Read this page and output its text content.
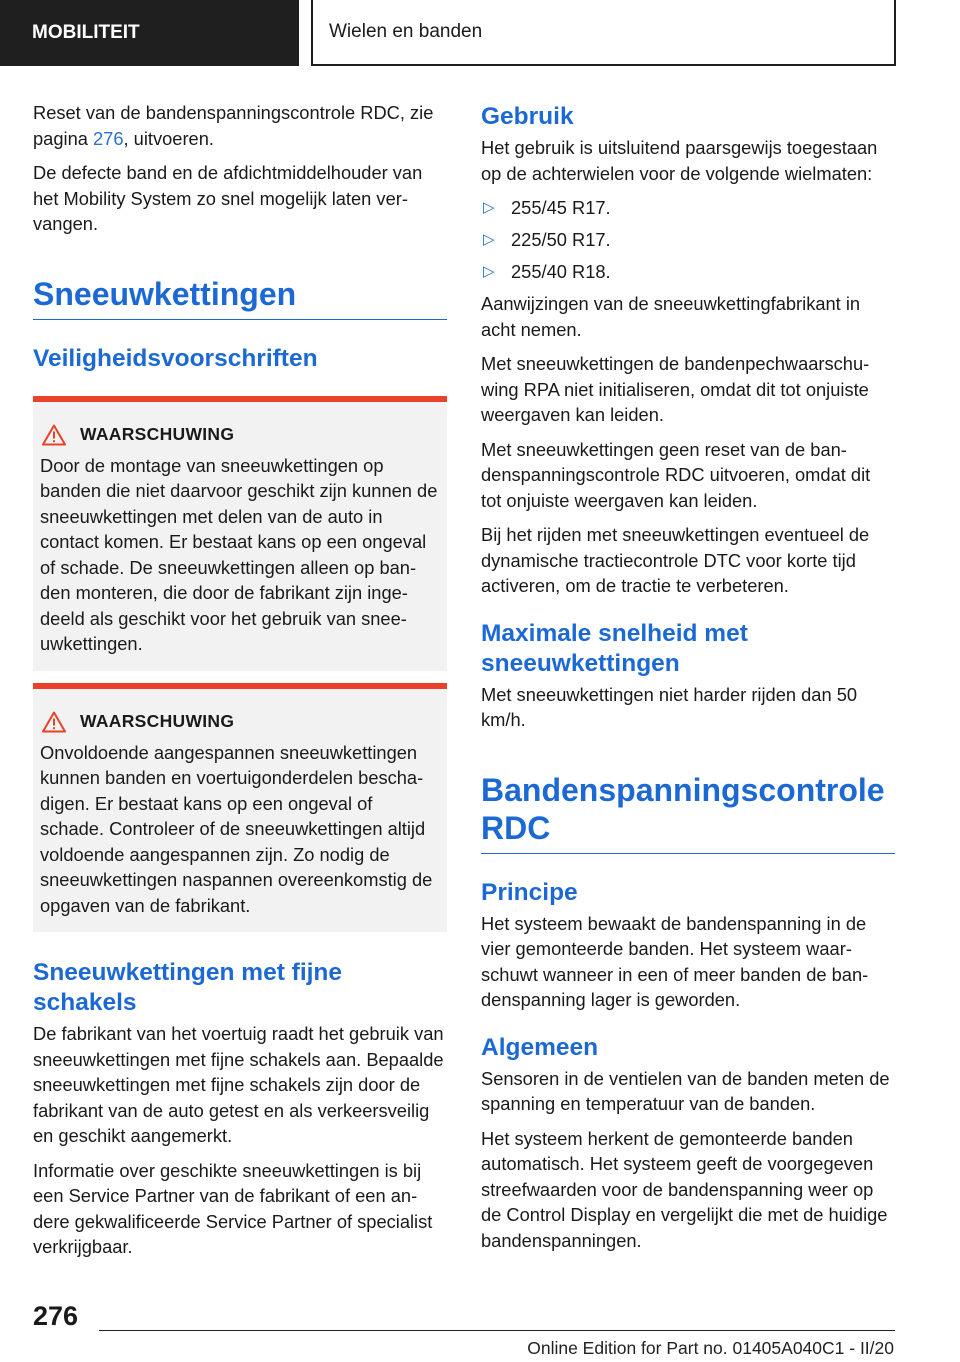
MOBILITEIT	Wielen en banden

Reset van de bandenspanningscontrole RDC, zie pagina 276, uitvoeren.

De defecte band en de afdichtmiddelhouder van het Mobility System zo snel mogelijk laten vervangen.

Sneeuwkettingen
Veiligheidsvoorschriften
WAARSCHUWING

Door de montage van sneeuwkettingen op banden die niet daarvoor geschikt zijn kunnen de sneeuwkettingen met delen van de auto in contact komen. Er bestaat kans op een ongeval of schade. De sneeuwkettingen alleen op banden monteren, die door de fabrikant zijn ingedeeld als geschikt voor het gebruik van sneeuwkettingen.

WAARSCHUWING

Onvoldoende aangespannen sneeuwkettingen kunnen banden en voertuigonderdelen beschadigen. Er bestaat kans op een ongeval of schade. Controleer of de sneeuwkettingen altijd voldoende aangespannen zijn. Zo nodig de sneeuwkettingen naspannen overeenkomstig de opgaven van de fabrikant.

Sneeuwkettingen met fijne schakels

De fabrikant van het voertuig raadt het gebruik van sneeuwkettingen met fijne schakels aan. Bepaalde sneeuwkettingen met fijne schakels zijn door de fabrikant van de auto getest en als verkeersveilig en geschikt aangemerkt.

Informatie over geschikte sneeuwkettingen is bij een Service Partner van de fabrikant of een andere gekwalificeerde Service Partner of specialist verkrijgbaar.

Gebruik

Het gebruik is uitsluitend paarsgewijs toegestaan op de achterwielen voor de volgende wielmaten:

▷ 255/45 R17.
▷ 225/50 R17.
▷ 255/40 R18.

Aanwijzingen van de sneeuwkettingfabrikant in acht nemen.

Met sneeuwkettingen de bandenpechwaarschuwing RPA niet initialiseren, omdat dit tot onjuiste weergaven kan leiden.

Met sneeuwkettingen geen reset van de bandenspanningscontrole RDC uitvoeren, omdat dit tot onjuiste weergaven kan leiden.

Bij het rijden met sneeuwkettingen eventueel de dynamische tractiecontrole DTC voor korte tijd activeren, om de tractie te verbeteren.

Maximale snelheid met sneeuwkettingen

Met sneeuwkettingen niet harder rijden dan 50 km/h.

Bandenspanningscontrole RDC
Principe

Het systeem bewaakt de bandenspanning in de vier gemonteerde banden. Het systeem waarschuwt wanneer in een of meer banden de bandenspanning lager is geworden.

Algemeen

Sensoren in de ventielen van de banden meten de spanning en temperatuur van de banden.

Het systeem herkent de gemonteerde banden automatisch. Het systeem geeft de voorgegeven streefwaarden voor de bandenspanning weer op de Control Display en vergelijkt die met de huidige bandenspanningen.

276
Online Edition for Part no. 01405A040C1 - II/20
